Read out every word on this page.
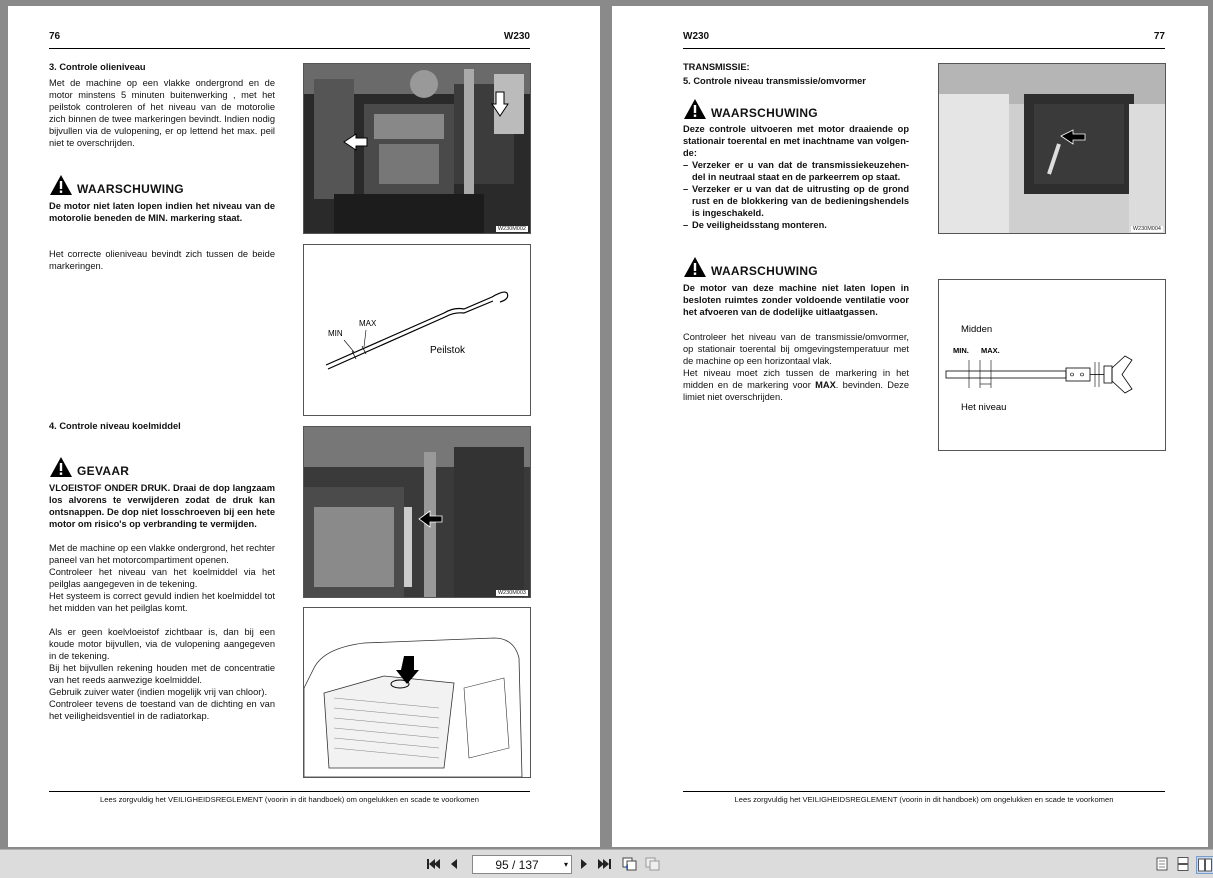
76	W230
3. Controle olieniveau
Met de machine op een vlakke ondergrond en de motor minstens 5 minuten buitenwerking , met het peilstok controleren of het niveau van de motorolie zich binnen de twee markeringen bevindt. Indien nodig bijvullen via de vulopening, er op lettend het max. peil niet te overschrijden.
WAARSCHUWING
De motor niet laten lopen indien het niveau van de motorolie beneden de MIN. markering staat.
Het correcte olieniveau bevindt zich tussen de beide markeringen.
W230M002
MIN
MAX
Peilstok
4. Controle niveau koelmiddel
GEVAAR
VLOEISTOF ONDER DRUK. Draai de dop langzaam los alvorens te verwijderen zodat de druk kan ontsnappen. De dop niet losschroeven bij een hete motor om risico's op verbranding te vermijden.
Met de machine op een vlakke ondergrond, het rechter paneel van het motorcompartiment openen.
Controleer het niveau van het koelmiddel via het peilglas aangegeven in de tekening.
Het systeem is correct gevuld indien het koelmiddel tot het midden van het peilglas komt.
W230M003
Als er geen koelvloeistof zichtbaar is, dan bij een koude motor bijvullen, via de vulopening aangegeven in de tekening.
Bij het bijvullen rekening houden met de concentratie van het reeds aanwezige koelmiddel.
Gebruik zuiver water (indien mogelijk vrij van chloor).
Controleer tevens de toestand van de dichting en van het veiligheidsventiel in de radiatorkap.
Lees zorgvuldig het VEILIGHEIDSREGLEMENT (voorin in dit handboek) om ongelukken en scade te voorkomen
W230	77
TRANSMISSIE:
5. Controle niveau transmissie/omvormer
WAARSCHUWING
Deze controle uitvoeren met motor draaiende op stationair toerental en met inachtname van volgen-de:
– Verzeker er u van dat de transmissiekeuzehen-del in neutraal staat en de parkeerrem op staat.
– Verzeker er u van dat de uitrusting op de grond rust en de blokkering van de bedieningshendels is ingeschakeld.
– De veiligheidsstang monteren.	W230M004
WAARSCHUWING
De motor van deze machine niet laten lopen in besloten ruimtes zonder voldoende ventilatie voor het afvoeren van de dodelijke uitlaatgassen.
Controleer het niveau van de transmissie/omvormer, op stationair toerental bij omgevingstemperatuur met de machine op een horizontaal vlak.
Het niveau moet zich tussen de markering in het midden en de markering voor MAX. bevinden. Deze limiet niet overschrijden.
Midden
MIN. MAX.
Het niveau
Lees zorgvuldig het VEILIGHEIDSREGLEMENT (voorin in dit handboek) om ongelukken en scade te voorkomen
95 / 137	▾
